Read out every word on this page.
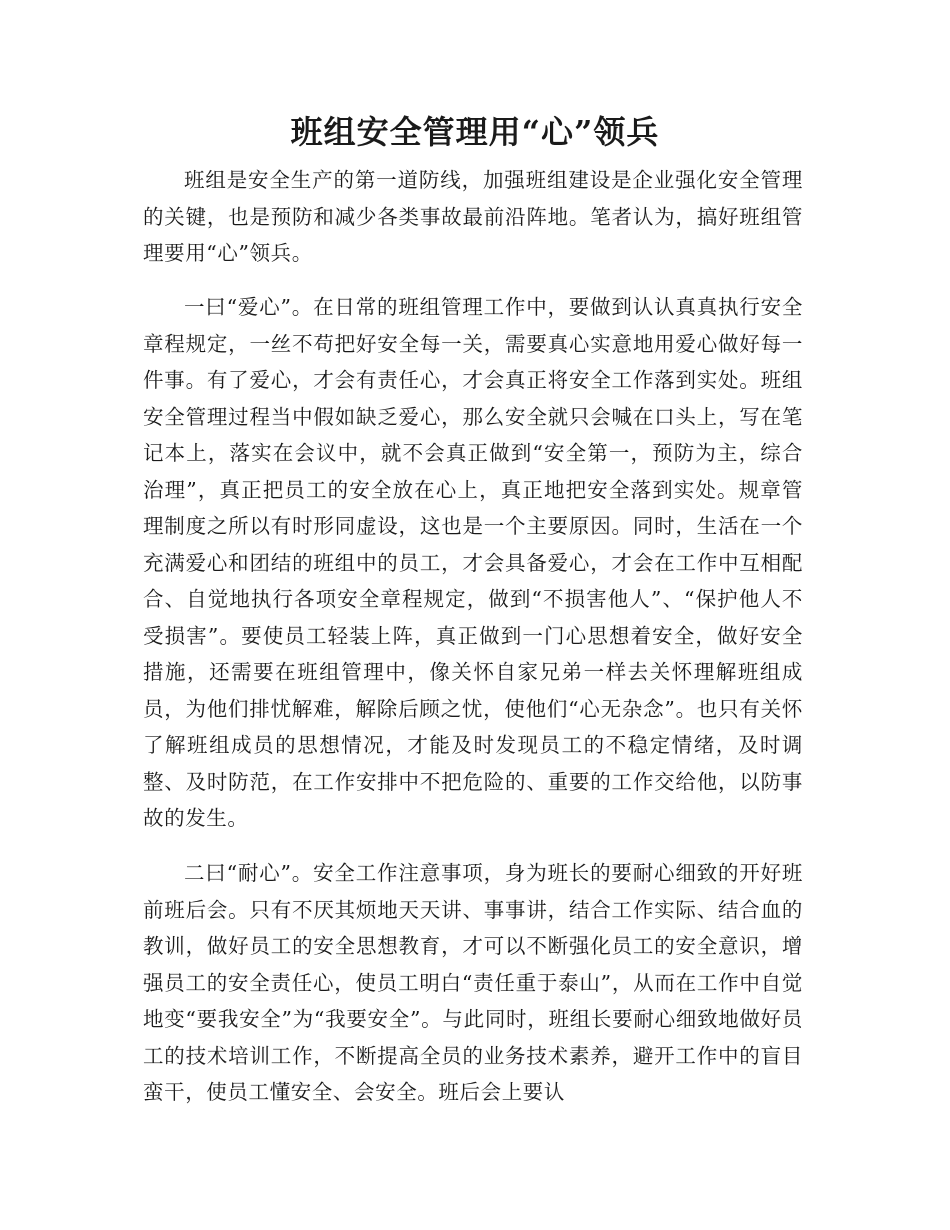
班组安全管理用“心”领兵

班组是安全生产的第一道防线，加强班组建设是企业强化安全管理的关键，也是预防和减少各类事故最前沿阵地。笔者认为，搞好班组管理要用“心”领兵。

一曰“爱心”。在日常的班组管理工作中，要做到认认真真执行安全章程规定，一丝不苟把好安全每一关，需要真心实意地用爱心做好每一件事。有了爱心，才会有责任心，才会真正将安全工作落到实处。班组安全管理过程当中假如缺乏爱心，那么安全就只会喊在口头上，写在笔记本上，落实在会议中，就不会真正做到“安全第一，预防为主，综合治理”，真正把员工的安全放在心上，真正地把安全落到实处。规章管理制度之所以有时形同虚设，这也是一个主要原因。同时，生活在一个充满爱心和团结的班组中的员工，才会具备爱心，才会在工作中互相配合、自觉地执行各项安全章程规定，做到“不损害他人”、“保护他人不受损害”。要使员工轻装上阵，真正做到一门心思想着安全，做好安全措施，还需要在班组管理中，像关怀自家兄弟一样去关怀理解班组成员，为他们排忧解难，解除后顾之忧，使他们“心无杂念”。也只有关怀了解班组成员的思想情况，才能及时发现员工的不稳定情绪，及时调整、及时防范，在工作安排中不把危险的、重要的工作交给他，以防事故的发生。

二曰“耐心”。安全工作注意事项，身为班长的要耐心细致的开好班前班后会。只有不厌其烦地天天讲、事事讲，结合工作实际、结合血的教训，做好员工的安全思想教育，才可以不断强化员工的安全意识，增强员工的安全责任心，使员工明白“责任重于泰山”，从而在工作中自觉地变“要我安全”为“我要安全”。与此同时，班组长要耐心细致地做好员工的技术培训工作，不断提高全员的业务技术素养，避开工作中的盲目蛮干，使员工懂安全、会安全。班后会上要认
